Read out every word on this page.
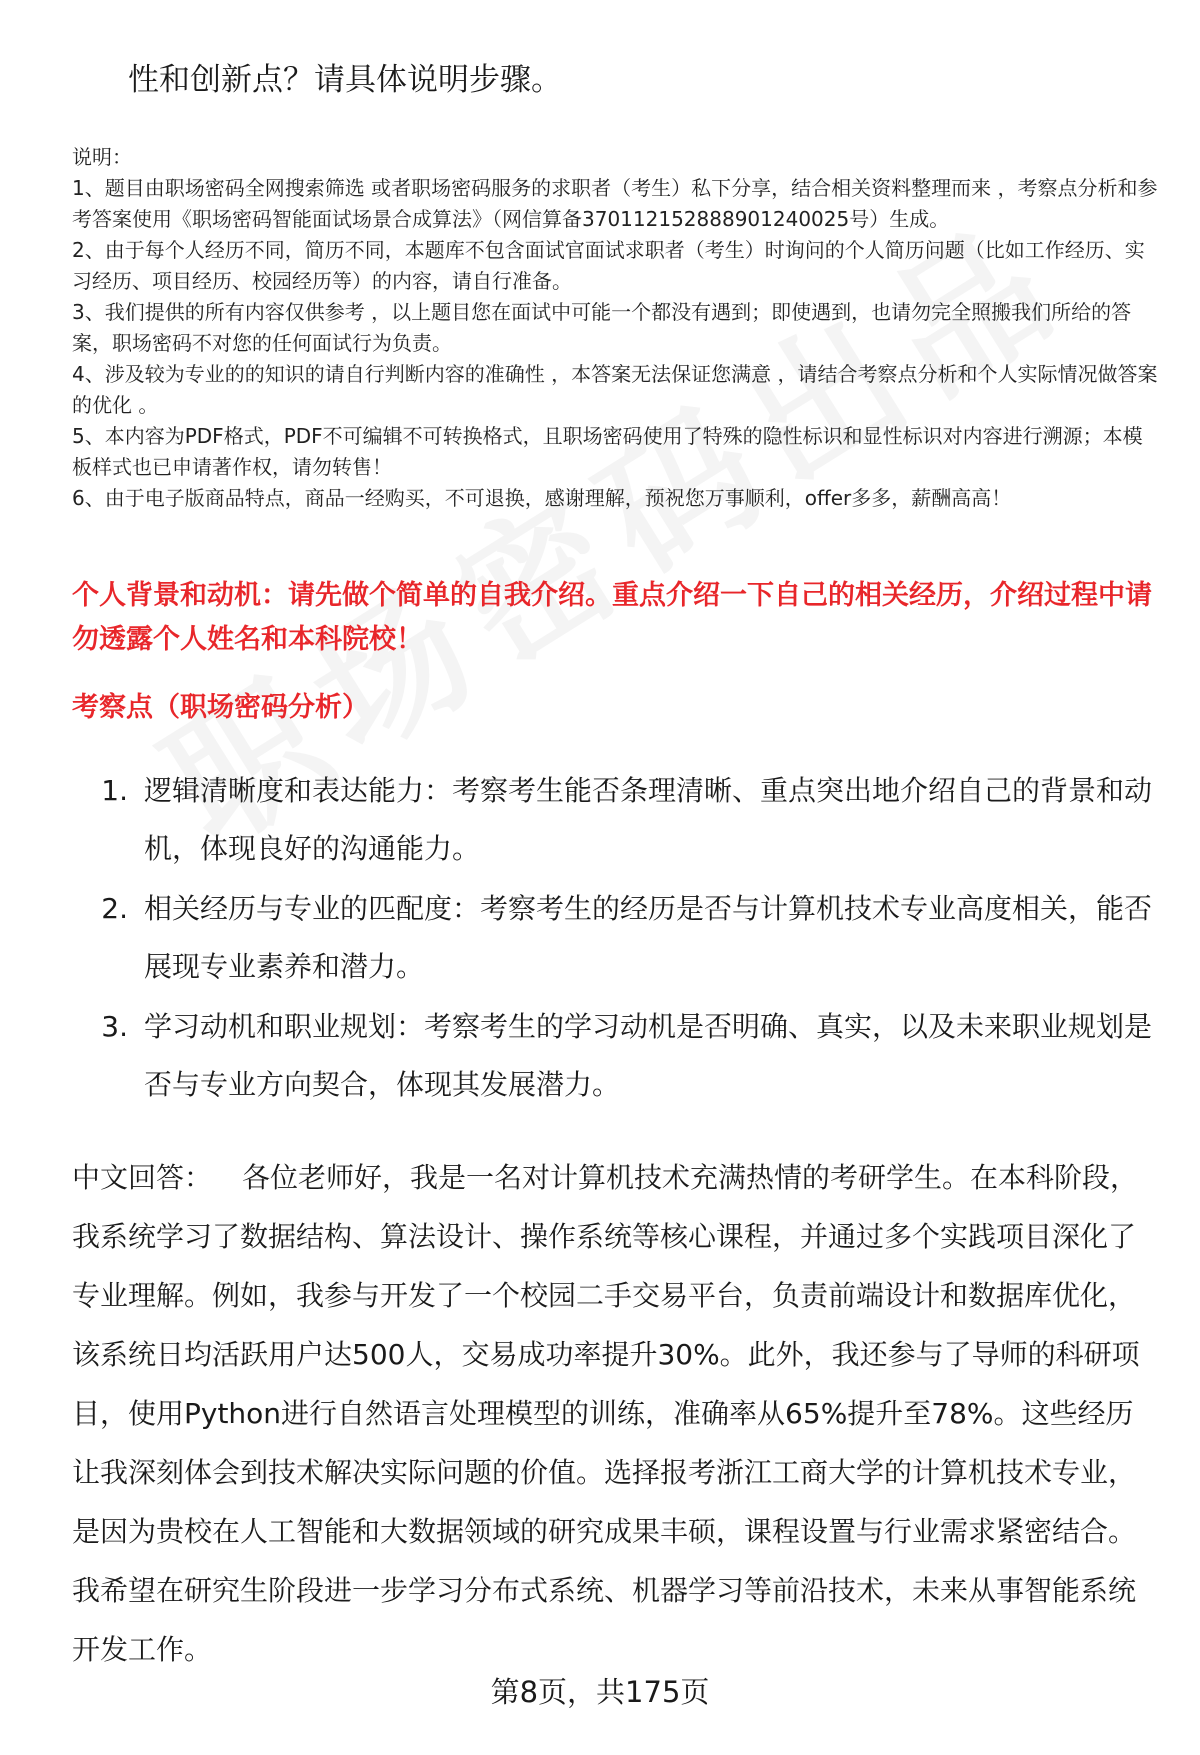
性和创新点？请具体说明步骤。

说明：

1、题目由职场密码全网搜索筛选 或者职场密码服务的求职者（考生）私下分享，结合相关资料整理而来 ，考察点分析和参考答案使用《职场密码智能面试场景合成算法》（网信算备370112152888901240025号）生成。

2、由于每个人经历不同，简历不同，本题库不包含面试官面试求职者（考生）时询问的个人简历问题（比如工作经历、实习经历、项目经历、校园经历等）的内容，请自行准备。

3、我们提供的所有内容仅供参考 ，以上题目您在面试中可能一个都没有遇到；即使遇到，也请勿完全照搬我们所给的答案，职场密码不对您的任何面试行为负责。

4、涉及较为专业的的知识的请自行判断内容的准确性 ，本答案无法保证您满意 ，请结合考察点分析和个人实际情况做答案的优化 。

5、本内容为PDF格式，PDF不可编辑不可转换格式，且职场密码使用了特殊的隐性标识和显性标识对内容进行溯源；本模板样式也已申请著作权，请勿转售！

6、由于电子版商品特点，商品一经购买，不可退换，感谢理解，预祝您万事顺利，offer多多，薪酬高高！

个人背景和动机：请先做个简单的自我介绍。重点介绍一下自己的相关经历，介绍过程中请勿透露个人姓名和本科院校！
考察点（职场密码分析）
1. 逻辑清晰度和表达能力：考察考生能否条理清晰、重点突出地介绍自己的背景和动机，体现良好的沟通能力。
2. 相关经历与专业的匹配度：考察考生的经历是否与计算机技术专业高度相关，能否展现专业素养和潜力。
3. 学习动机和职业规划：考察考生的学习动机是否明确、真实，以及未来职业规划是否与专业方向契合，体现其发展潜力。
中文回答： 各位老师好，我是一名对计算机技术充满热情的考研学生。在本科阶段，我系统学习了数据结构、算法设计、操作系统等核心课程，并通过多个实践项目深化了专业理解。例如，我参与开发了一个校园二手交易平台，负责前端设计和数据库优化，该系统日均活跃用户达500人，交易成功率提升30%。此外，我还参与了导师的科研项目，使用Python进行自然语言处理模型的训练，准确率从65%提升至78%。这些经历让我深刻体会到技术解决实际问题的价值。选择报考浙江工商大学的计算机技术专业，是因为贵校在人工智能和大数据领域的研究成果丰硕，课程设置与行业需求紧密结合。我希望在研究生阶段进一步学习分布式系统、机器学习等前沿技术，未来从事智能系统开发工作。
第8页，共175页
